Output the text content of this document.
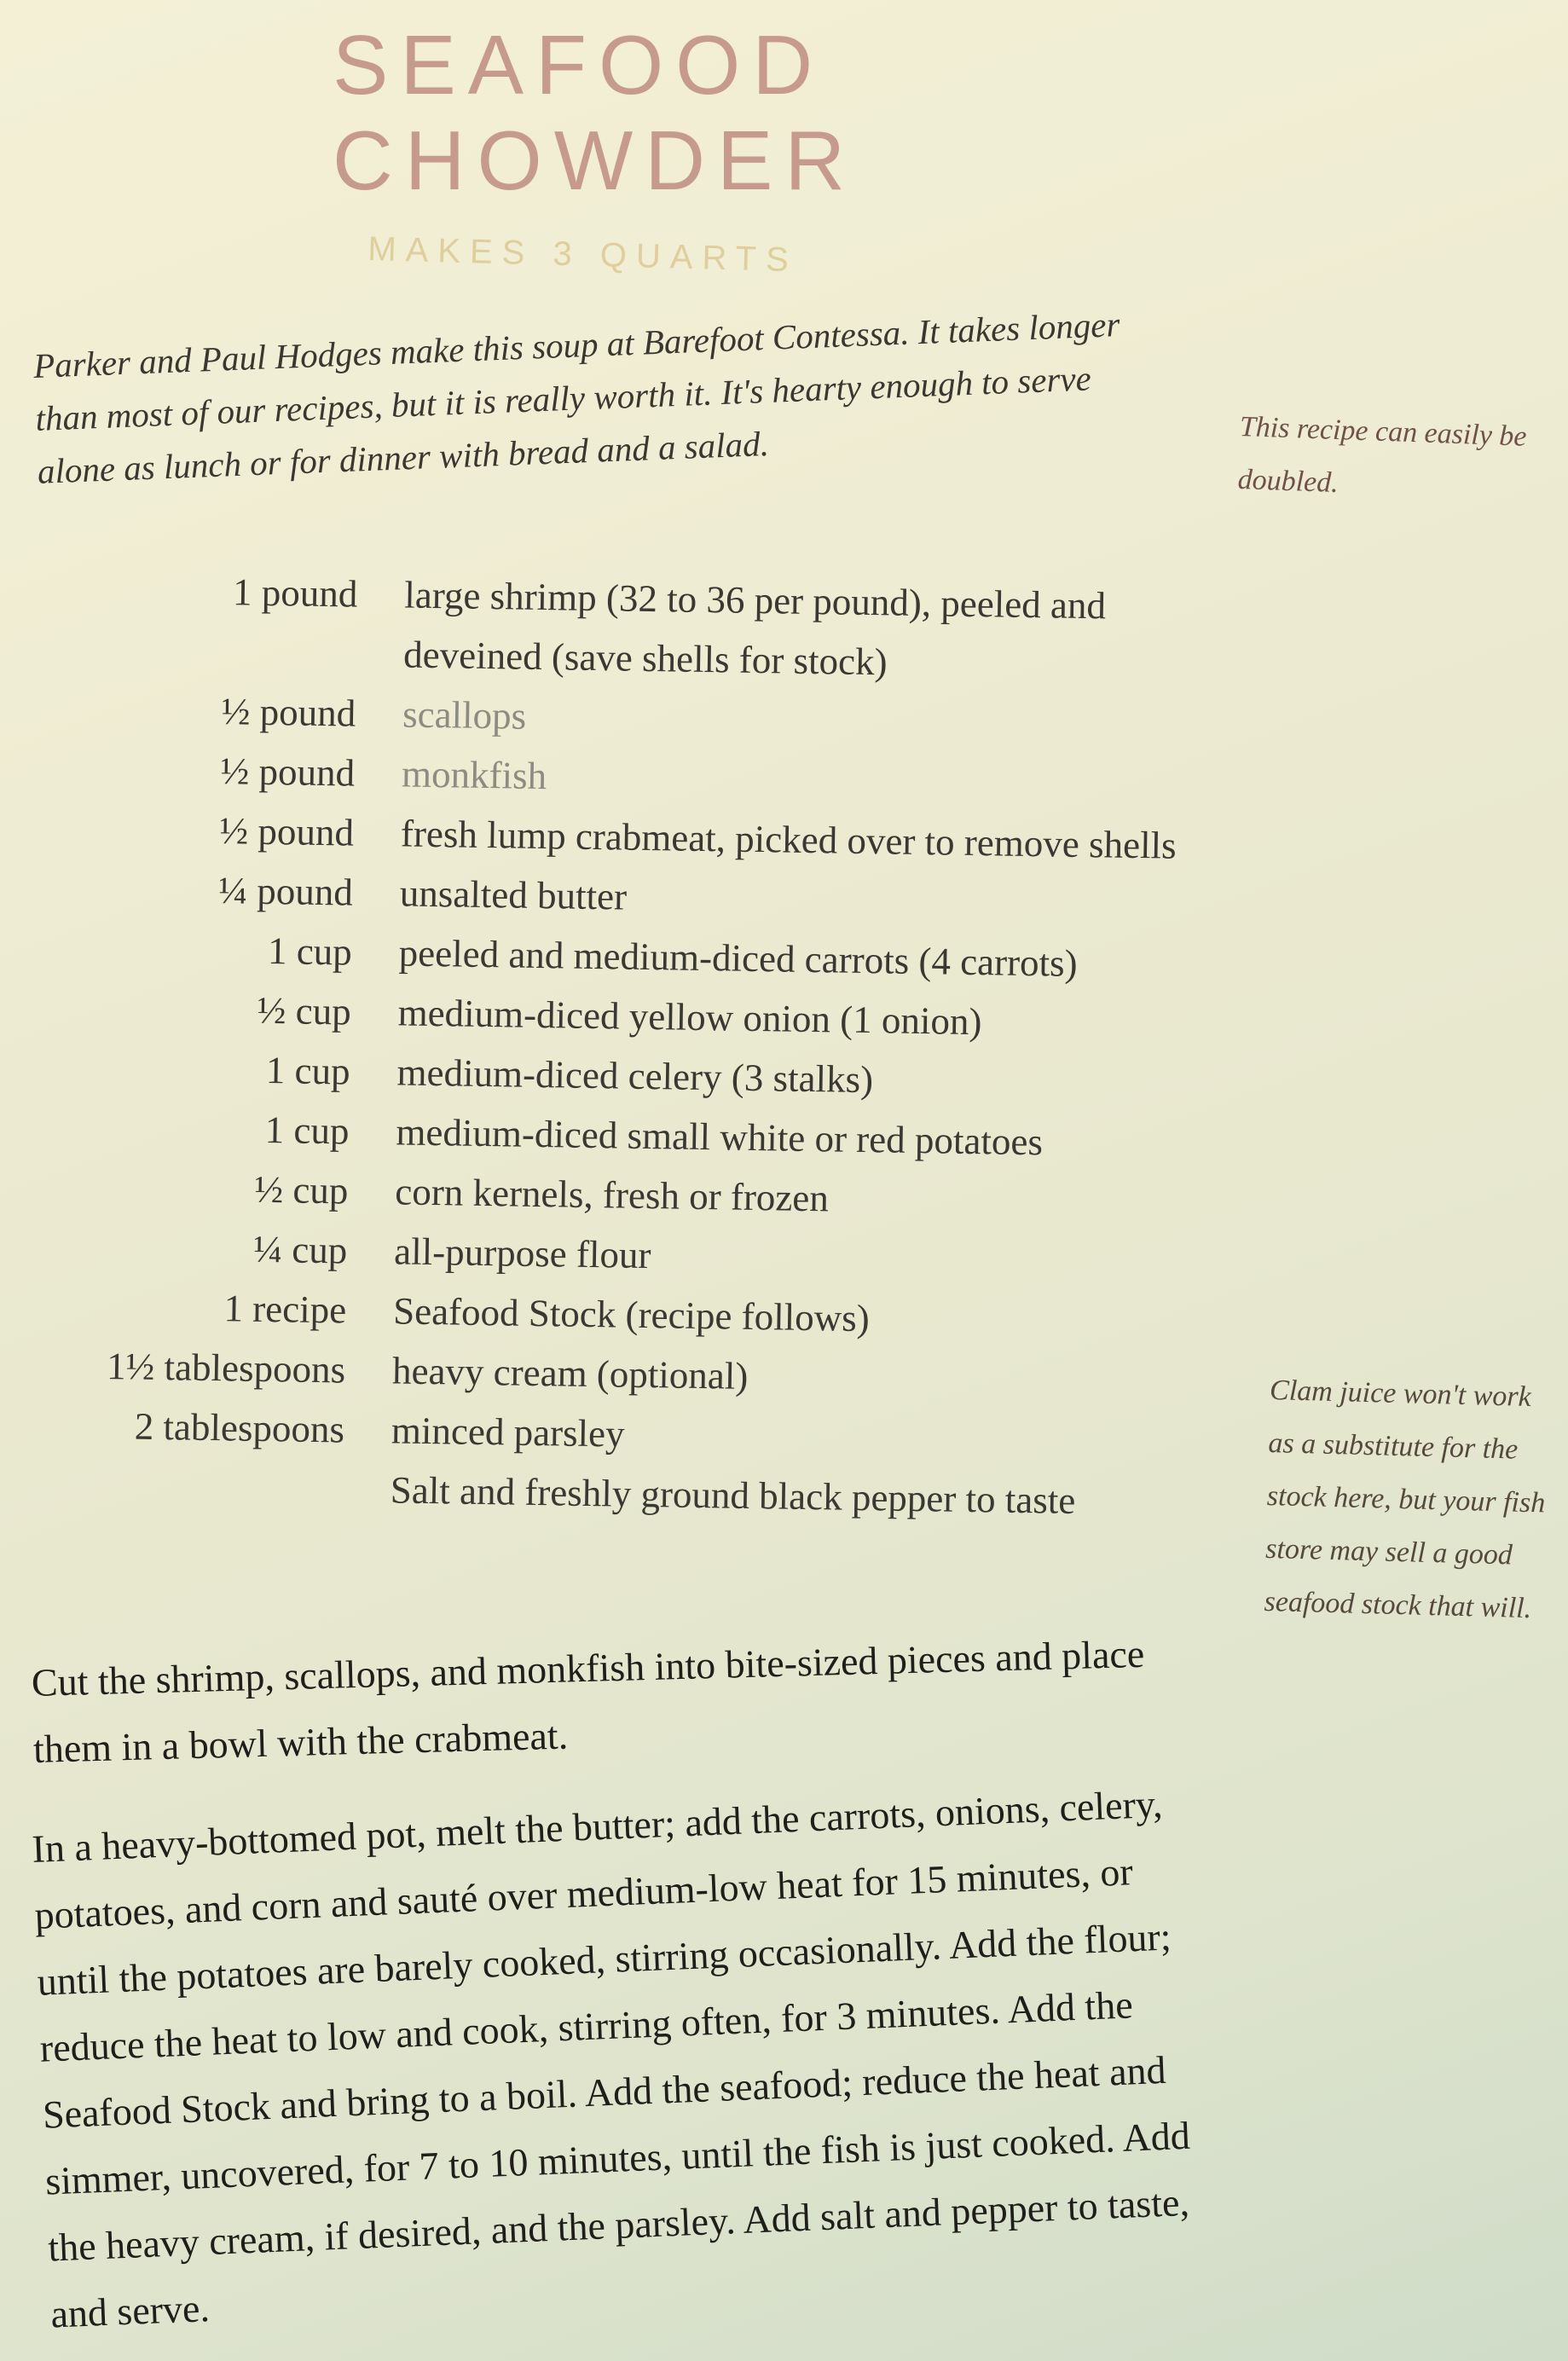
SEAFOOD
CHOWDER
MAKES 3 QUARTS

Parker and Paul Hodges make this soup at Barefoot Contessa. It takes longer than most of our recipes, but it is really worth it. It's hearty enough to serve alone as lunch or for dinner with bread and a salad.	This recipe can easily be doubled.

1 pound large shrimp (32 to 36 per pound), peeled and deveined (save shells for stock)
½ pound scallops
½ pound monkfish
½ pound fresh lump crabmeat, picked over to remove shells
¼ pound unsalted butter
1 cup peeled and medium-diced carrots (4 carrots)
½ cup medium-diced yellow onion (1 onion)
1 cup medium-diced celery (3 stalks)
1 cup medium-diced small white or red potatoes
½ cup corn kernels, fresh or frozen
¼ cup all-purpose flour
1 recipe Seafood Stock (recipe follows)
1½ tablespoons heavy cream (optional)
2 tablespoons minced parsley
Salt and freshly ground black pepper to taste

Clam juice won't work as a substitute for the stock here, but your fish store may sell a good seafood stock that will.

Cut the shrimp, scallops, and monkfish into bite-sized pieces and place them in a bowl with the crabmeat.

In a heavy-bottomed pot, melt the butter; add the carrots, onions, celery, potatoes, and corn and sauté over medium-low heat for 15 minutes, or until the potatoes are barely cooked, stirring occasionally. Add the flour; reduce the heat to low and cook, stirring often, for 3 minutes. Add the Seafood Stock and bring to a boil. Add the seafood; reduce the heat and simmer, uncovered, for 7 to 10 minutes, until the fish is just cooked. Add the heavy cream, if desired, and the parsley. Add salt and pepper to taste, and serve.
